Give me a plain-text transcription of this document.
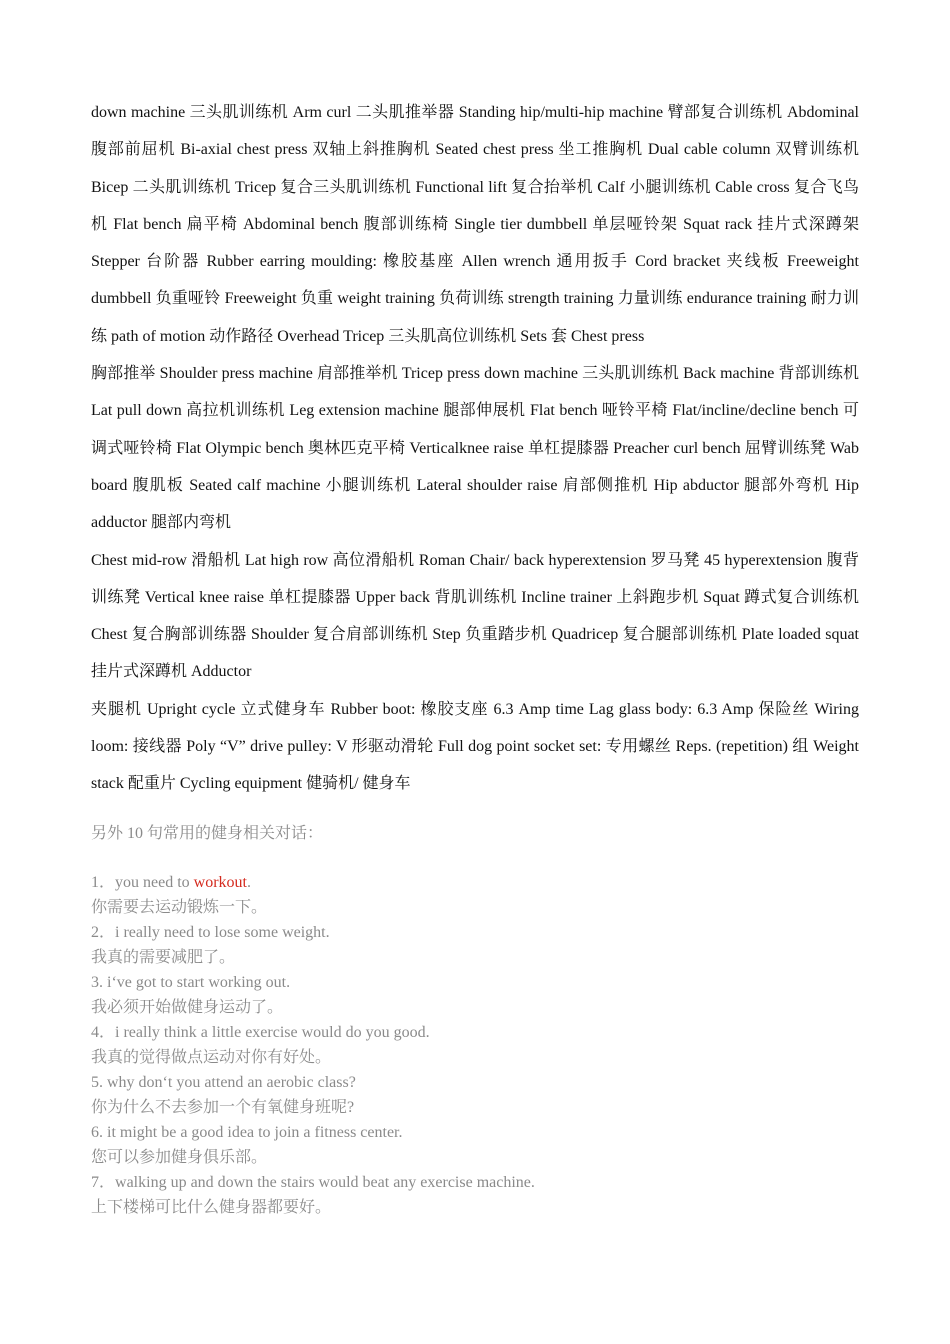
down machine 三头肌训练机 Arm curl 二头肌推举器 Standing hip/multi-hip machine 臂部复合训练机 Abdominal 腹部前屈机 Bi-axial chest press 双轴上斜推胸机 Seated chest press 坐工推胸机 Dual cable column 双臂训练机 Bicep 二头肌训练机 Tricep 复合三头肌训练机 Functional lift 复合抬举机 Calf 小腿训练机 Cable cross 复合飞鸟机 Flat bench 扁平椅 Abdominal bench 腹部训练椅 Single tier dumbbell 单层哑铃架 Squat rack 挂片式深蹲架 Stepper 台阶器 Rubber earring moulding: 橡胶基座 Allen wrench 通用扳手 Cord bracket 夹线板 Freeweight dumbbell 负重哑铃 Freeweight 负重 weight training 负荷训练 strength training 力量训练 endurance training 耐力训练 path of motion 动作路径 Overhead Tricep 三头肌高位训练机 Sets 套 Chest press

胸部推举 Shoulder press machine 肩部推举机 Tricep press down machine 三头肌训练机 Back machine 背部训练机 Lat pull down 高拉机训练机 Leg extension machine 腿部伸展机 Flat bench 哑铃平椅 Flat/incline/decline bench 可调式哑铃椅 Flat Olympic bench 奥林匹克平椅 Verticalknee raise 单杠提膝器 Preacher curl bench 屈臂训练凳 Wab board 腹肌板 Seated calf machine 小腿训练机 Lateral shoulder raise 肩部侧推机 Hip abductor 腿部外弯机 Hip adductor 腿部内弯机

Chest mid-row 滑船机 Lat high row 高位滑船机 Roman Chair/ back hyperextension 罗马凳 45 hyperextension 腹背训练凳 Vertical knee raise 单杠提膝器 Upper back 背肌训练机 Incline trainer 上斜跑步机 Squat 蹲式复合训练机 Chest 复合胸部训练器 Shoulder 复合肩部训练机 Step 负重踏步机 Quadricep 复合腿部训练机 Plate loaded squat 挂片式深蹲机 Adductor

夹腿机 Upright cycle 立式健身车 Rubber boot: 橡胶支座 6.3 Amp time Lag glass body: 6.3 Amp 保险丝 Wiring loom: 接线器 Poly “V” drive pulley: V 形驱动滑轮 Full dog point socket set: 专用螺丝 Reps. (repetition) 组 Weight stack 配重片 Cycling equipment 健骑机/ 健身车

另外 10 句常用的健身相关对话：

1．you need to workout.

你需要去运动锻炼一下。

2．i really need to lose some weight.

我真的需要减肥了。

3. i‘ve got to start working out.

我必须开始做健身运动了。

4．i really think a little exercise would do you good.

我真的觉得做点运动对你有好处。

5. why don‘t you attend an aerobic class?

你为什么不去参加一个有氧健身班呢?

6. it might be a good idea to join a fitness center.

您可以参加健身俱乐部。

7．walking up and down the stairs would beat any exercise machine.

上下楼梯可比什么健身器都要好。
